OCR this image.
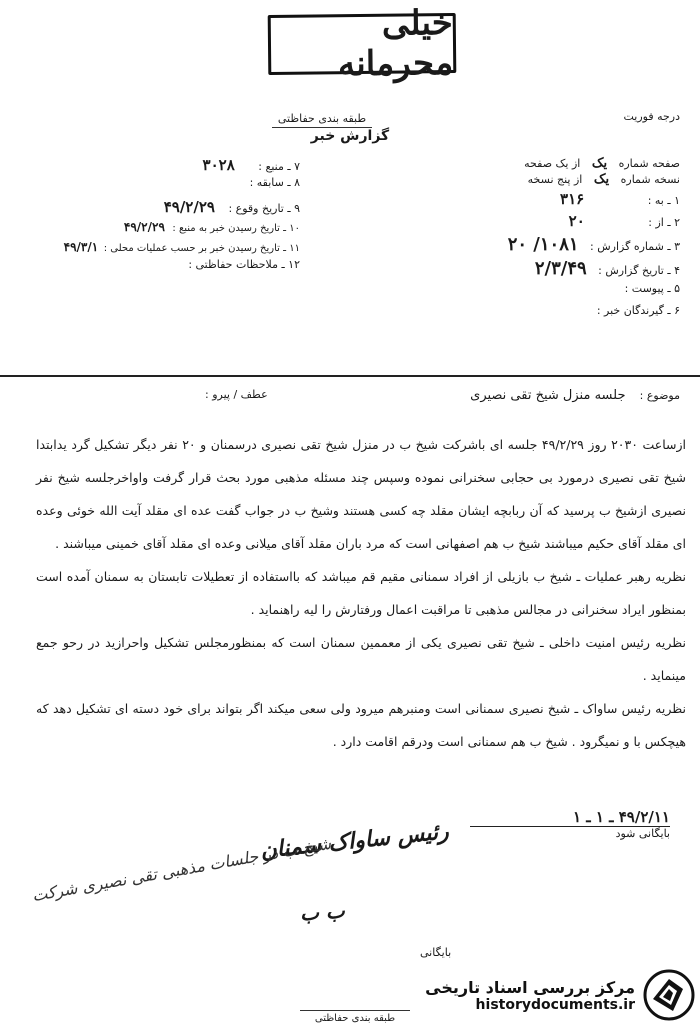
خیلی محرمانه
طبقه بندی حفاظتی	درجه فوریت
گزارش خبر
صفحه شماره یک از یک صفحه
نسخه شماره یک از پنج نسخه
۱ ـ به : ۳۱۶
۲ ـ از : ۲۰
۳ ـ شماره گزارش : ۱۰۸۱/ ۲۰
۴ ـ تاریخ گزارش : ۲/۳/۴۹
۵ ـ پیوست :
۶ ـ گیرندگان خبر :
۷ ـ منبع : ۳۰۲۸
۸ ـ سابقه :
۹ ـ تاریخ وقوع : ۴۹/۲/۲۹
۱۰ ـ تاریخ رسیدن خبر به منبع : ۴۹/۲/۲۹
۱۱ ـ تاریخ رسیدن خبر بر حسب عملیات محلی : ۴۹/۳/۱
۱۲ ـ ملاحظات حفاظتی :
موضوع : جلسه منزل شیخ تقی نصیری
عطف / پیرو :

ازساعت ۲۰۳۰ روز ۴۹/۲/۲۹ جلسه ای باشرکت شیخ ب در منزل شیخ تقی نصیری درسمنان و ۲۰ نفر دیگر تشکیل گرد یدابتدا شیخ تقی نصیری درمورد بی حجابی سخنرانی نموده وسپس چند مسئله مذهبی مورد بحث قرار گرفت واواخرجلسه شیخ نفر نصیری ازشیخ ب پرسید که آن ربابچه ایشان مقلد چه کسی هستند وشیخ ب در جواب گفت عده ای مقلد آیت الله خوئی وعده ای مقلد آقای حکیم میباشند شیخ ب هم اصفهانی است که مرد باران مقلد آقای میلانی وعده ای مقلد آقای خمینی میباشند .

نظریه رهبر عملیات ـ شیخ ب بازیلی از افراد سمنانی مقیم قم میباشد که بااستفاده از تعطیلات تابستان به سمنان آمده است بمنظور ایراد سخنرانی در مجالس مذهبی تا مراقبت اعمال ورفتارش را لیه راهنماید .

نظریه رئیس امنیت داخلی ـ شیخ تقی نصیری یکی از معممین سمنان است که بمنظورمجلس تشکیل واحرازید در رحو جمع مینماید .

نظریه رئیس ساواک ـ شیخ نصیری سمنانی است ومنبرهم میرود ولی سعی میکند اگر بتواند برای خود دسته ای تشکیل دهد که هیچکس با و نمیگرود . شیخ ب هم سمنانی است ودرقم اقامت دارد .

۴۹/۲/۱۱ ـ ۱ ـ ۱
بایگانی شود
رئیس ساواک سمنان
ب ب
شیخ ب در جلسات مذهبی تقی نصیری شرکت
بایگانی
طبقه بندی حفاظتی
مرکز بررسی اسناد تاریخی
historydocuments.ir
